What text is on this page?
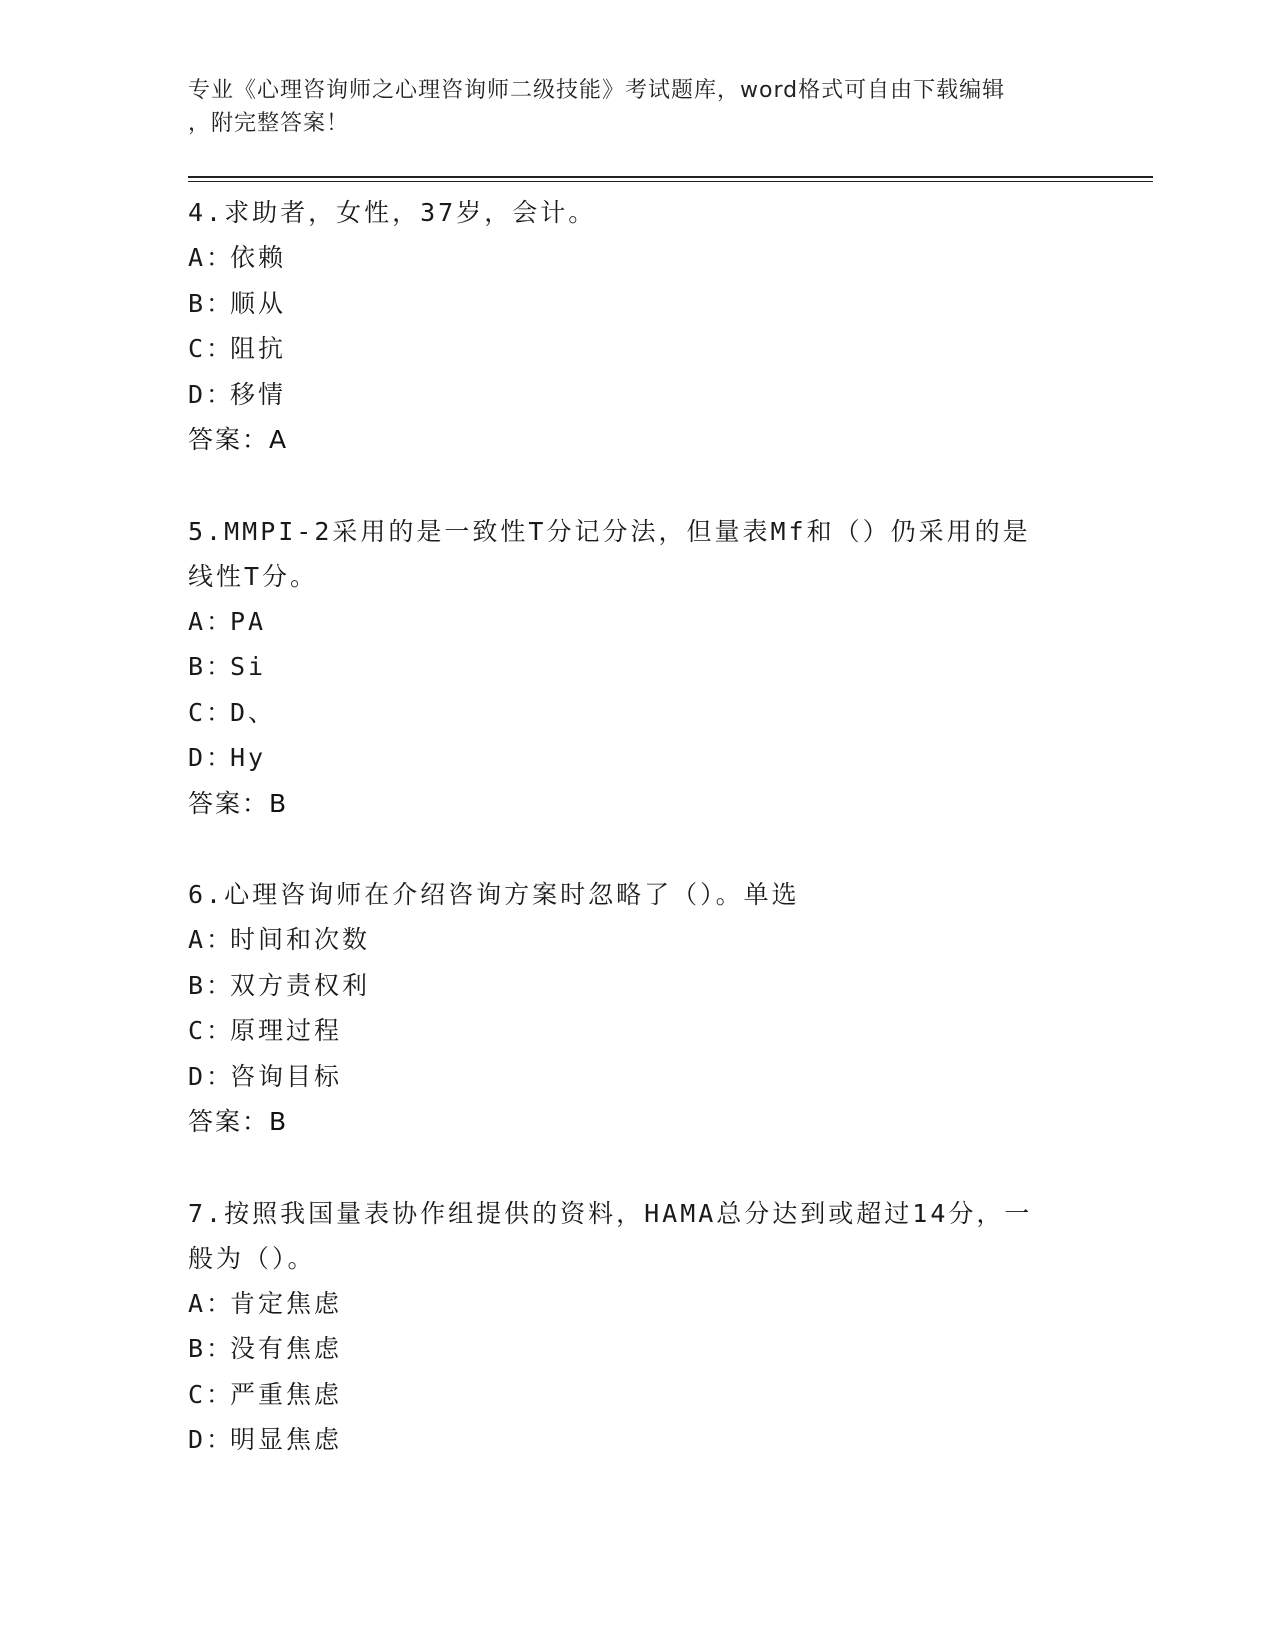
专业《心理咨询师之心理咨询师二级技能》考试题库，word格式可自由下载编辑
，附完整答案！

4.求助者，女性，37岁，会计。

A：依赖

B：顺从

C：阻抗

D：移情

答案：A

5.MMPI-2采用的是一致性T分记分法，但量表Mf和（）仍采用的是线性T分。

A：PA

B：Si

C：D、

D：Hy

答案：B

6.心理咨询师在介绍咨询方案时忽略了（）。单选

A：时间和次数

B：双方责权利

C：原理过程

D：咨询目标

答案：B

7.按照我国量表协作组提供的资料，HAMA总分达到或超过14分，一般为（）。

A：肯定焦虑

B：没有焦虑

C：严重焦虑

D：明显焦虑
